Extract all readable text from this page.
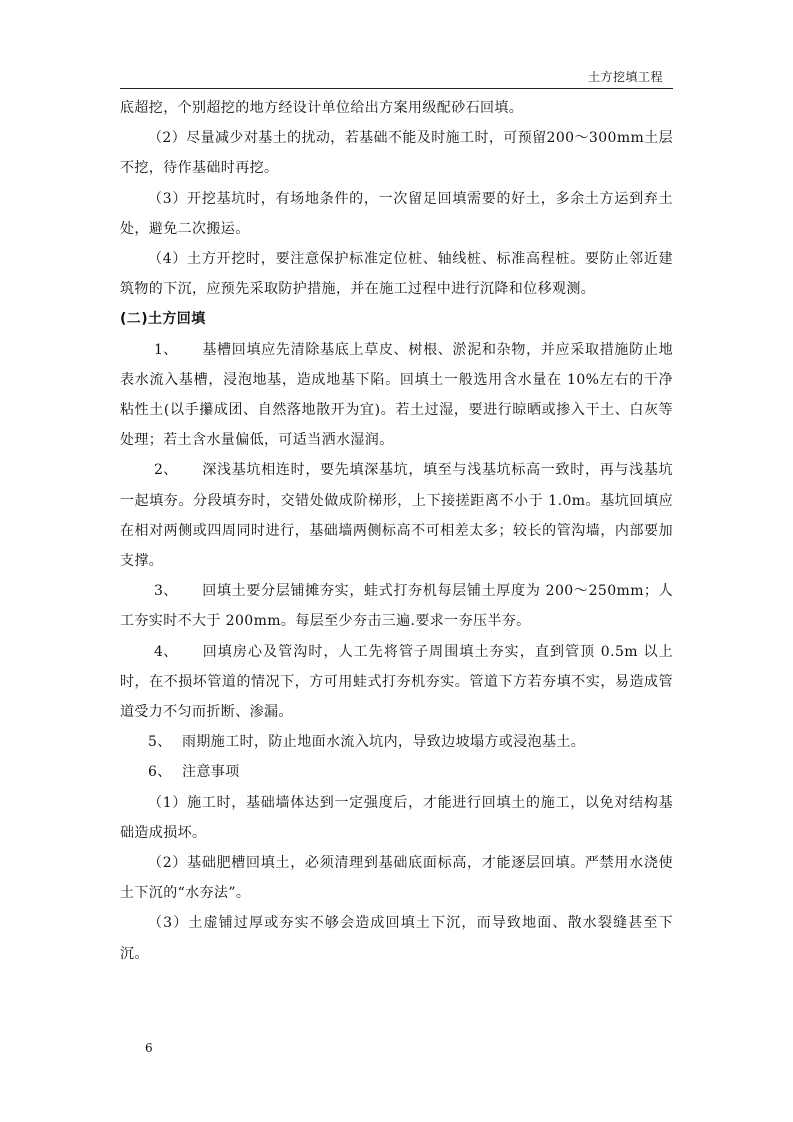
土方挖填工程

底超挖，个别超挖的地方经设计单位给出方案用级配砂石回填。

（2）尽量减少对基土的扰动，若基础不能及时施工时，可预留200～300mm土层不挖，待作基础时再挖。

（3）开挖基坑时，有场地条件的，一次留足回填需要的好土，多余土方运到弃土处，避免二次搬运。

（4）土方开挖时，要注意保护标准定位桩、轴线桩、标准高程桩。要防止邻近建筑物的下沉，应预先采取防护措施，并在施工过程中进行沉降和位移观测。

(二)土方回填

1、 基槽回填应先清除基底上草皮、树根、淤泥和杂物，并应采取措施防止地表水流入基槽，浸泡地基，造成地基下陷。回填土一般选用含水量在 10%左右的干净粘性土(以手攥成团、自然落地散开为宜)。若土过湿，要进行晾晒或掺入干土、白灰等处理；若土含水量偏低，可适当洒水湿润。

2、 深浅基坑相连时，要先填深基坑，填至与浅基坑标高一致时，再与浅基坑一起填夯。分段填夯时，交错处做成阶梯形，上下接搓距离不小于 1.0m。基坑回填应在相对两侧或四周同时进行，基础墙两侧标高不可相差太多；较长的管沟墙，内部要加支撑。

3、 回填土要分层铺摊夯实，蛙式打夯机每层铺土厚度为 200～250mm；人工夯实时不大于 200mm。每层至少夯击三遍.要求一夯压半夯。

4、 回填房心及管沟时，人工先将管子周围填土夯实，直到管顶 0.5m 以上时，在不损坏管道的情况下，方可用蛙式打夯机夯实。管道下方若夯填不实，易造成管道受力不匀而折断、渗漏。

5、 雨期施工时，防止地面水流入坑内，导致边坡塌方或浸泡基土。

6、 注意事项

（1）施工时，基础墙体达到一定强度后，才能进行回填土的施工，以免对结构基础造成损坏。

（2）基础肥槽回填土，必须清理到基础底面标高，才能逐层回填。严禁用水浇使土下沉的“水夯法”。

（3）土虚铺过厚或夯实不够会造成回填土下沉，而导致地面、散水裂缝甚至下沉。

6
